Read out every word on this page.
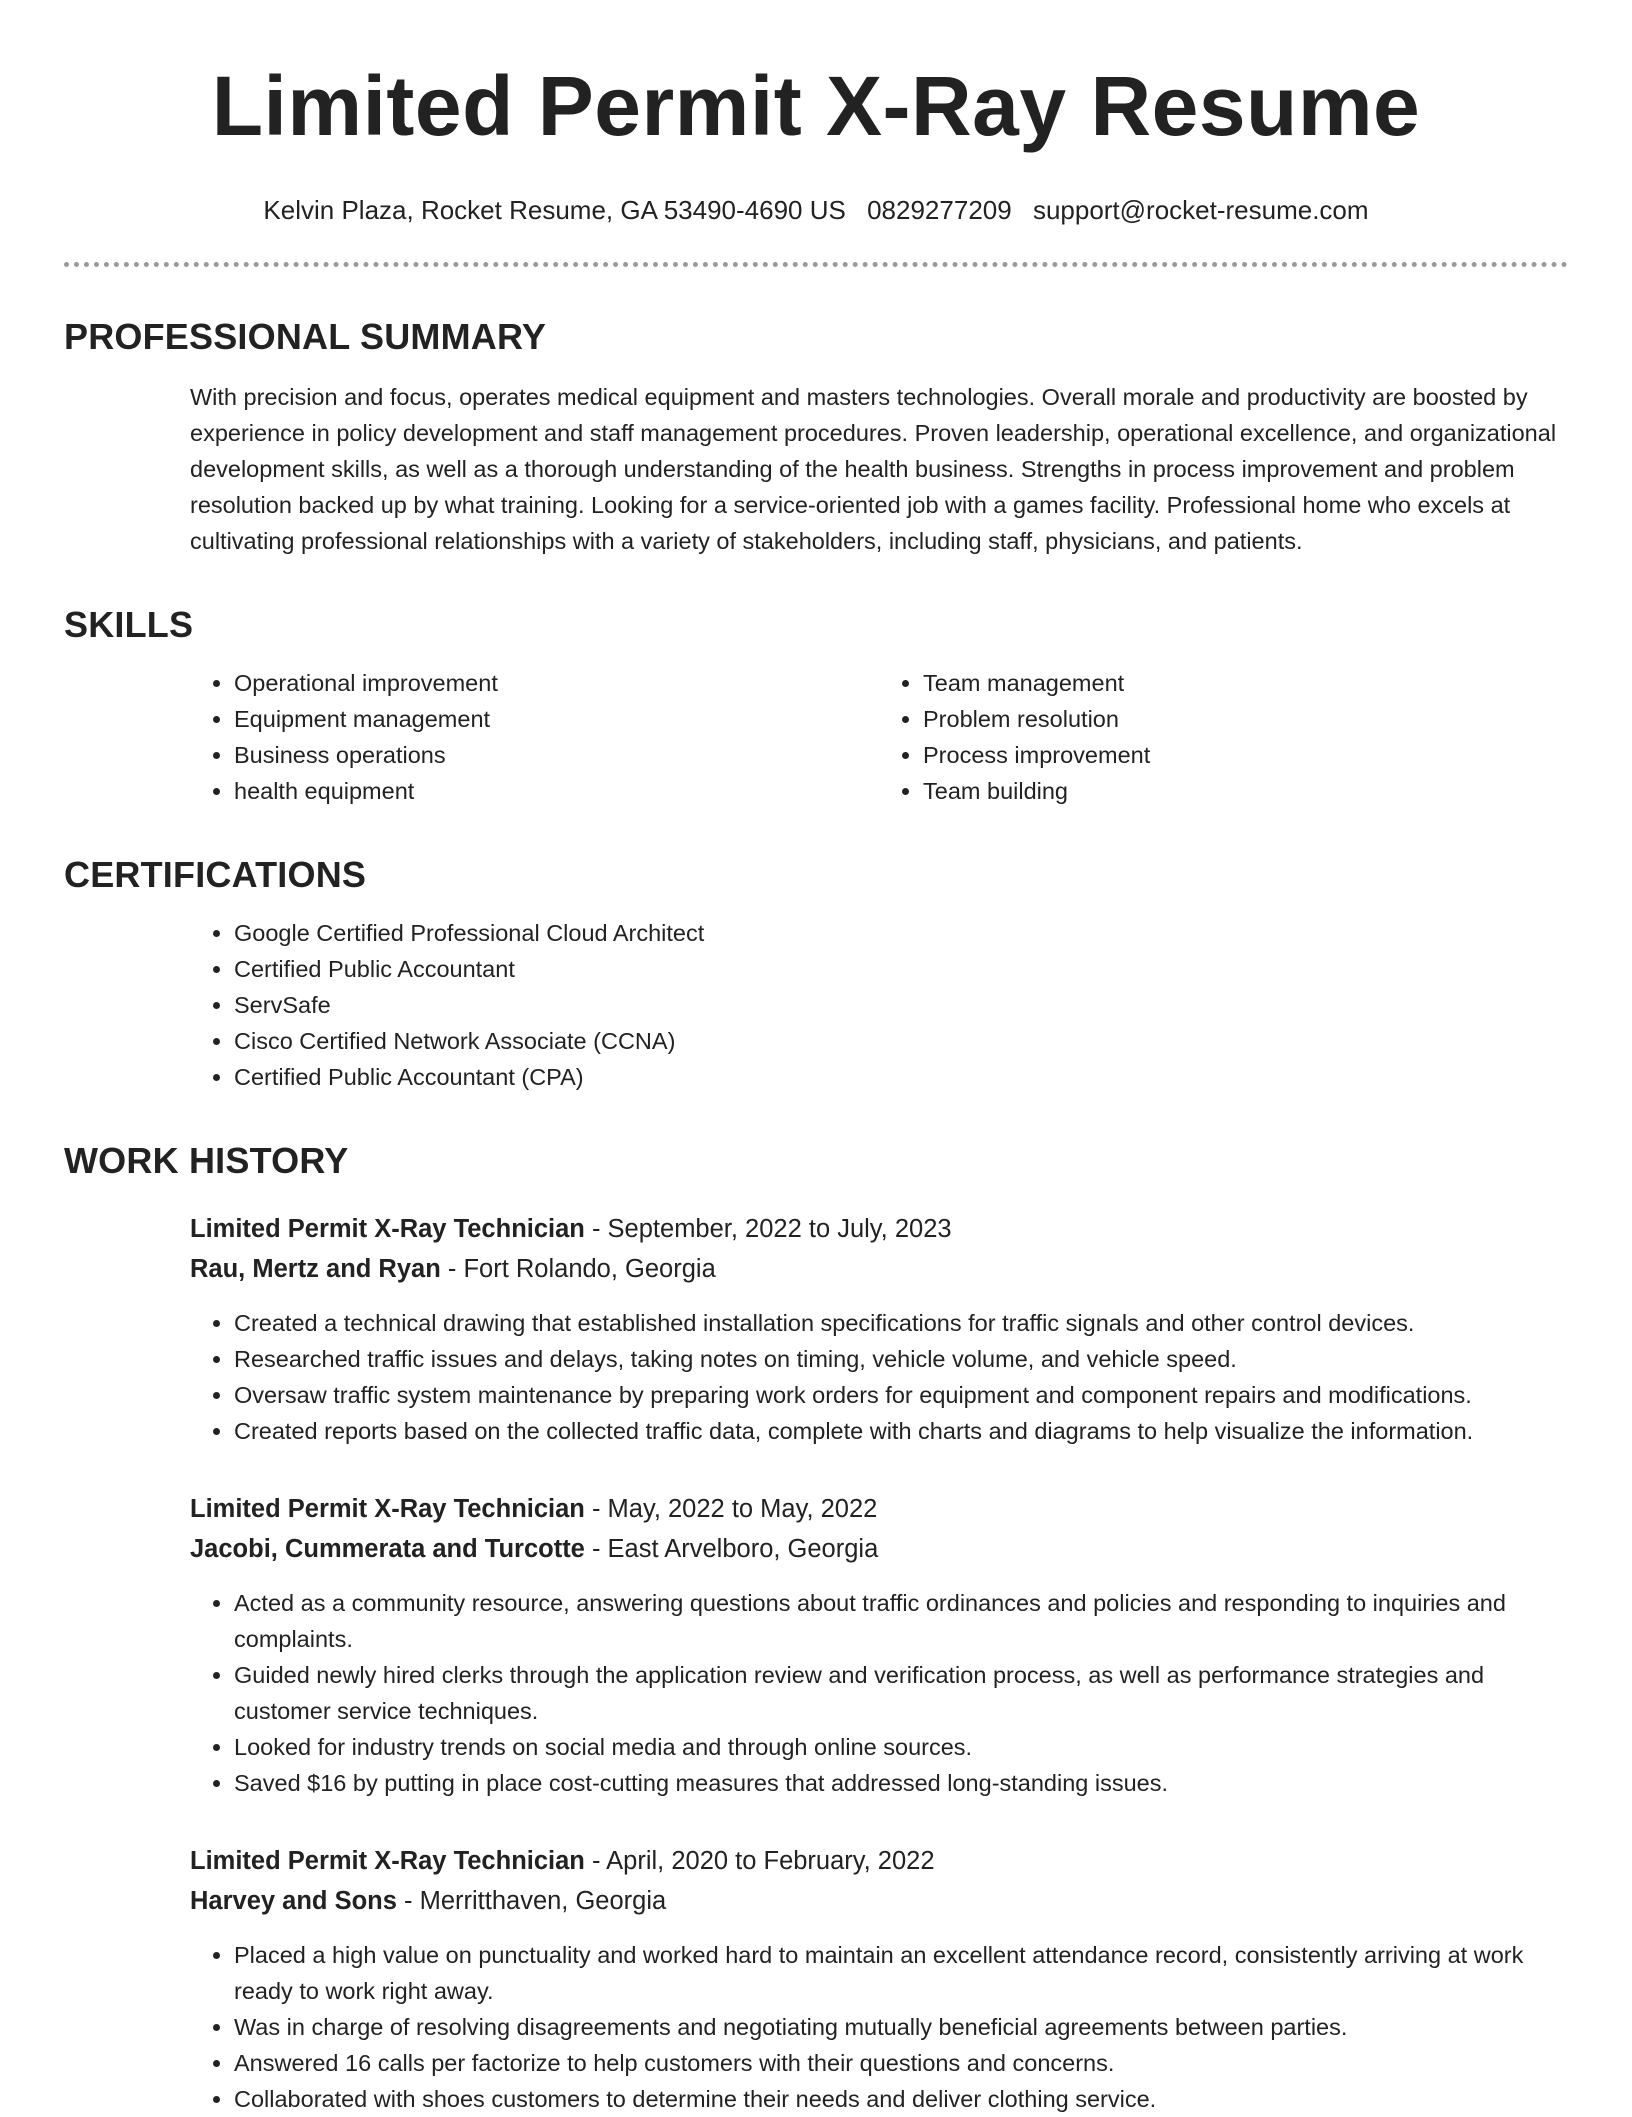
Limited Permit X-Ray Resume
Kelvin Plaza, Rocket Resume, GA 53490-4690 US 0829277209 support@rocket-resume.com
PROFESSIONAL SUMMARY

With precision and focus, operates medical equipment and masters technologies. Overall morale and productivity are boosted by experience in policy development and staff management procedures. Proven leadership, operational excellence, and organizational development skills, as well as a thorough understanding of the health business. Strengths in process improvement and problem resolution backed up by what training. Looking for a service-oriented job with a games facility. Professional home who excels at cultivating professional relationships with a variety of stakeholders, including staff, physicians, and patients.

SKILLS
• Operational improvement
• Equipment management
• Business operations
• health equipment
• Team management
• Problem resolution
• Process improvement
• Team building
CERTIFICATIONS
• Google Certified Professional Cloud Architect
• Certified Public Accountant
• ServSafe
• Cisco Certified Network Associate (CCNA)
• Certified Public Accountant (CPA)
WORK HISTORY
Limited Permit X-Ray Technician - September, 2022 to July, 2023
Rau, Mertz and Ryan - Fort Rolando, Georgia
• Created a technical drawing that established installation specifications for traffic signals and other control devices.
• Researched traffic issues and delays, taking notes on timing, vehicle volume, and vehicle speed.
• Oversaw traffic system maintenance by preparing work orders for equipment and component repairs and modifications.
• Created reports based on the collected traffic data, complete with charts and diagrams to help visualize the information.
Limited Permit X-Ray Technician - May, 2022 to May, 2022
Jacobi, Cummerata and Turcotte - East Arvelboro, Georgia
• Acted as a community resource, answering questions about traffic ordinances and policies and responding to inquiries and complaints.
• Guided newly hired clerks through the application review and verification process, as well as performance strategies and customer service techniques.
• Looked for industry trends on social media and through online sources.
• Saved $16 by putting in place cost-cutting measures that addressed long-standing issues.
Limited Permit X-Ray Technician - April, 2020 to February, 2022
Harvey and Sons - Merritthaven, Georgia
• Placed a high value on punctuality and worked hard to maintain an excellent attendance record, consistently arriving at work ready to work right away.
• Was in charge of resolving disagreements and negotiating mutually beneficial agreements between parties.
• Answered 16 calls per factorize to help customers with their questions and concerns.
• Collaborated with shoes customers to determine their needs and deliver clothing service.
